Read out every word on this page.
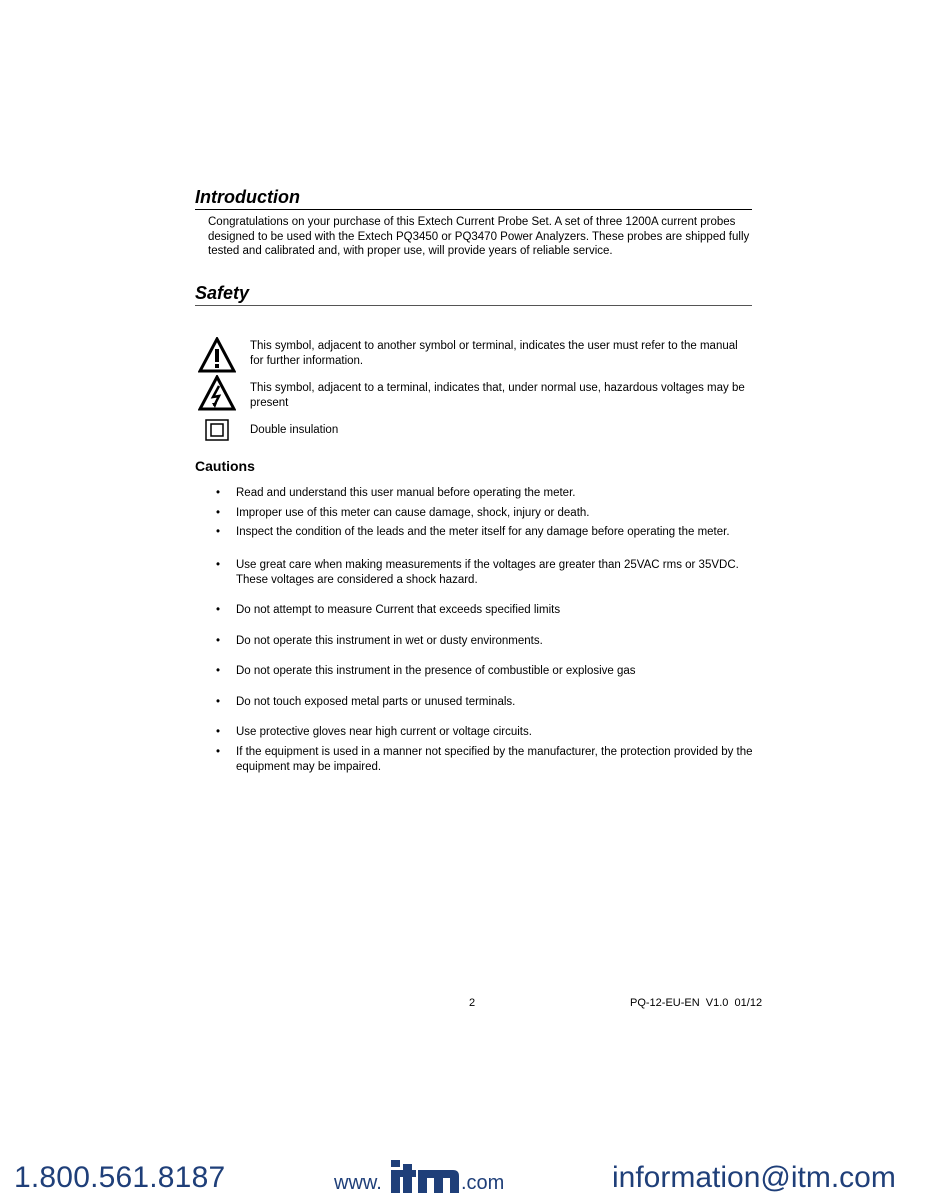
Introduction
Congratulations on your purchase of this Extech Current Probe Set. A set of three 1200A current probes designed to be used with the Extech PQ3450 or PQ3470 Power Analyzers. These probes are shipped fully tested and calibrated and, with proper use, will provide years of reliable service.
Safety
This symbol, adjacent to another symbol or terminal, indicates the user must refer to the manual for further information.
This symbol, adjacent to a terminal, indicates that, under normal use, hazardous voltages may be present
Double insulation
Cautions
• Read and understand this user manual before operating the meter.
• Improper use of this meter can cause damage, shock, injury or death.
• Inspect the condition of the leads and the meter itself for any damage before operating the meter.
• Use great care when making measurements if the voltages are greater than 25VAC rms or 35VDC. These voltages are considered a shock hazard.
• Do not attempt to measure Current that exceeds specified limits
• Do not operate this instrument in wet or dusty environments.
• Do not operate this instrument in the presence of combustible or explosive gas
• Do not touch exposed metal parts or unused terminals.
• Use protective gloves near high current or voltage circuits.
• If the equipment is used in a manner not specified by the manufacturer, the protection provided by the equipment may be impaired.
2	PQ-12-EU-EN  V1.0  01/12
1.800.561.8187	www.	.com	information@itm.com
